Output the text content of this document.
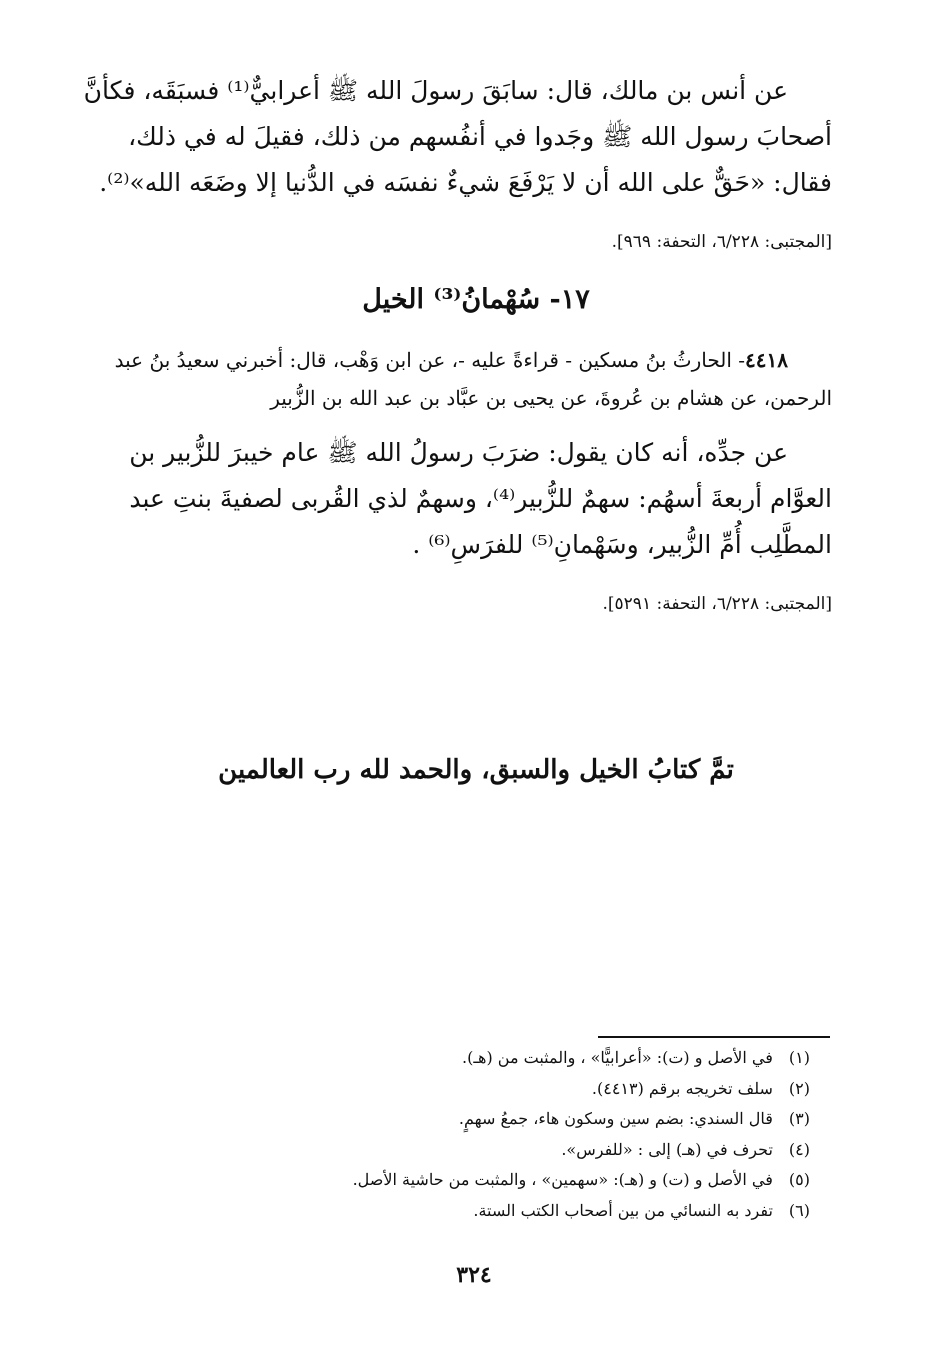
عن أنس بن مالك، قال: سابَقَ رسولَ الله ﷺ أعرابيٌّ⁽¹⁾ فسبَقَه، فكأنَّ
أصحابَ رسول الله ﷺ وجَدوا في أنفُسهم من ذلك، فقيلَ له في ذلك،
فقال: «حَقٌّ على الله أن لا يَرْفَعَ شيءٌ نفسَه في الدُّنيا إلا وضَعَه الله»⁽²⁾.
[المجتبى: ٦/٢٢٨، التحفة: ٩٦٩].
١٧- سُهْمانُ⁽³⁾ الخيل
٤٤١٨- الحارثُ بنُ مسكين - قراءةً عليه -، عن ابن وَهْب، قال: أخبرني سعيدُ بنُ عبد
الرحمن، عن هشام بن عُروةَ، عن يحيى بن عبَّاد بن عبد الله بن الزُّبير
عن جدِّه، أنه كان يقول: ضرَبَ رسولُ الله ﷺ عام خيبرَ للزُّبير بن
العوَّام أربعةَ أسهُم: سهمٌ للزُّبير⁽⁴⁾، وسهمٌ لذي القُربى لصفيةَ بنتِ عبد
المطَّلِب أُمِّ الزُّبير، وسَهْمانِ⁽⁵⁾ للفرَسِ⁽⁶⁾ .
[المجتبى: ٦/٢٢٨، التحفة: ٥٢٩١].
تمَّ كتابُ الخيل والسبق، والحمد لله رب العالمين
(١) في الأصل و (ت): «أعرابيًّا» ، والمثبت من (هـ).
(٢) سلف تخريجه برقم (٤٤١٣).
(٣) قال السندي: بضم سين وسكون هاء، جمعُ سهمٍ.
(٤) تحرف في (هـ) إلى : «للفرس».
(٥) في الأصل و (ت) و (هـ): «سهمين» ، والمثبت من حاشية الأصل.
(٦) تفرد به النسائي من بين أصحاب الكتب الستة.
٣٢٤
